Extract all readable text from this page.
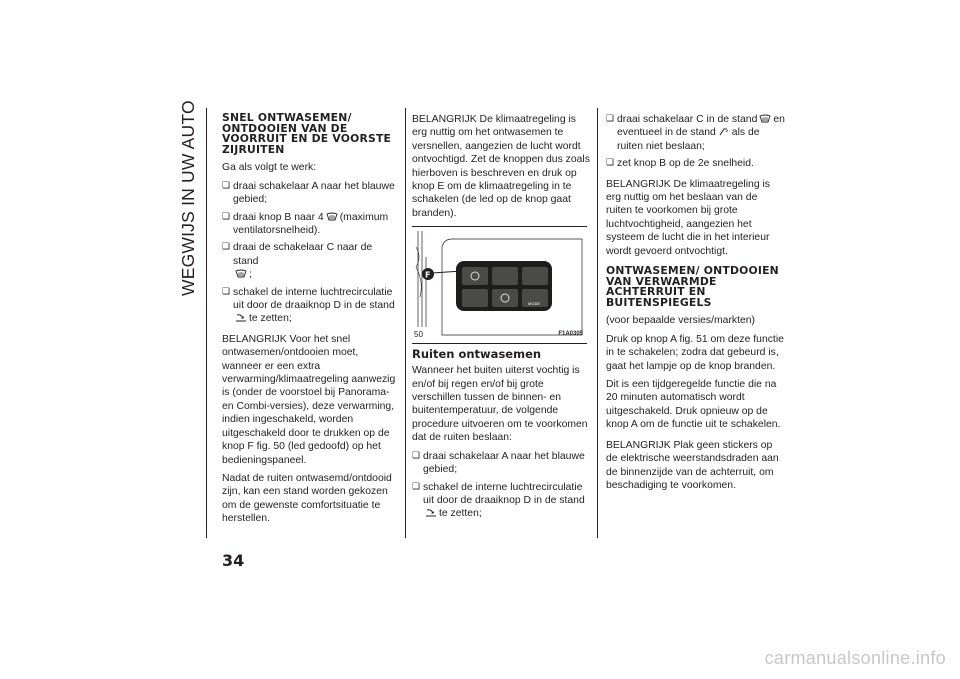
WEGWIJS IN UW AUTO SNEL ONTWASEMEN/ ONTDOOIEN VAN DE VOORRUIT EN DE VOORSTE ZIJRUITEN

Ga als volgt te werk:

❏ draai schakelaar A naar het blauwe gebied;
❏ draai knop B naar 4 (maximum ventilatorsnelheid).
❏ draai de schakelaar C naar de stand
;
❏ schakel de interne luchtrecirculatie uit door de draaiknop D in de stand
te zetten;

BELANGRIJK Voor het snel ontwasemen/ontdooien moet, wanneer er een extra verwarming/klimaatregeling aanwezig is (onder de voorstoel bij Panorama- en Combi-versies), deze verwarming, indien ingeschakeld, worden uitgeschakeld door te drukken op de knop F fig. 50 (led gedoofd) op het bedieningspaneel.

Nadat de ruiten ontwasemd/ontdooid zijn, kan een stand worden gekozen om de gewenste comfortsituatie te herstellen.

BELANGRIJK De klimaatregeling is erg nuttig om het ontwasemen te versnellen, aangezien de lucht wordt ontvochtigd. Zet de knoppen dus zoals hierboven is beschreven en druk op knop E om de klimaatregeling in te schakelen (de led op de knop gaat branden).

F
MODE
50	F1A0305
Ruiten ontwasemen

Wanneer het buiten uiterst vochtig is en/of bij regen en/of bij grote verschillen tussen de binnen- en buitentemperatuur, de volgende procedure uitvoeren om te voorkomen dat de ruiten beslaan:

❏ draai schakelaar A naar het blauwe gebied;
❏ schakel de interne luchtrecirculatie uit door de draaiknop D in de stand
te zetten;
❏ draai schakelaar C in de stand en eventueel in de stand als de ruiten niet beslaan;
❏ zet knop B op de 2e snelheid.

BELANGRIJK De klimaatregeling is erg nuttig om het beslaan van de ruiten te voorkomen bij grote luchtvochtigheid, aangezien het systeem de lucht die in het interieur wordt gevoerd ontvochtigt.

ONTWASEMEN/ ONTDOOIEN VAN VERWARMDE ACHTERRUIT EN BUITENSPIEGELS

(voor bepaalde versies/markten)

Druk op knop A fig. 51 om deze functie in te schakelen; zodra dat gebeurd is, gaat het lampje op de knop branden.

Dit is een tijdgeregelde functie die na 20 minuten automatisch wordt uitgeschakeld. Druk opnieuw op de knop A om de functie uit te schakelen.

BELANGRIJK Plak geen stickers op de elektrische weerstandsdraden aan de binnenzijde van de achterruit, om beschadiging te voorkomen.

34
carmanualsonline.info
